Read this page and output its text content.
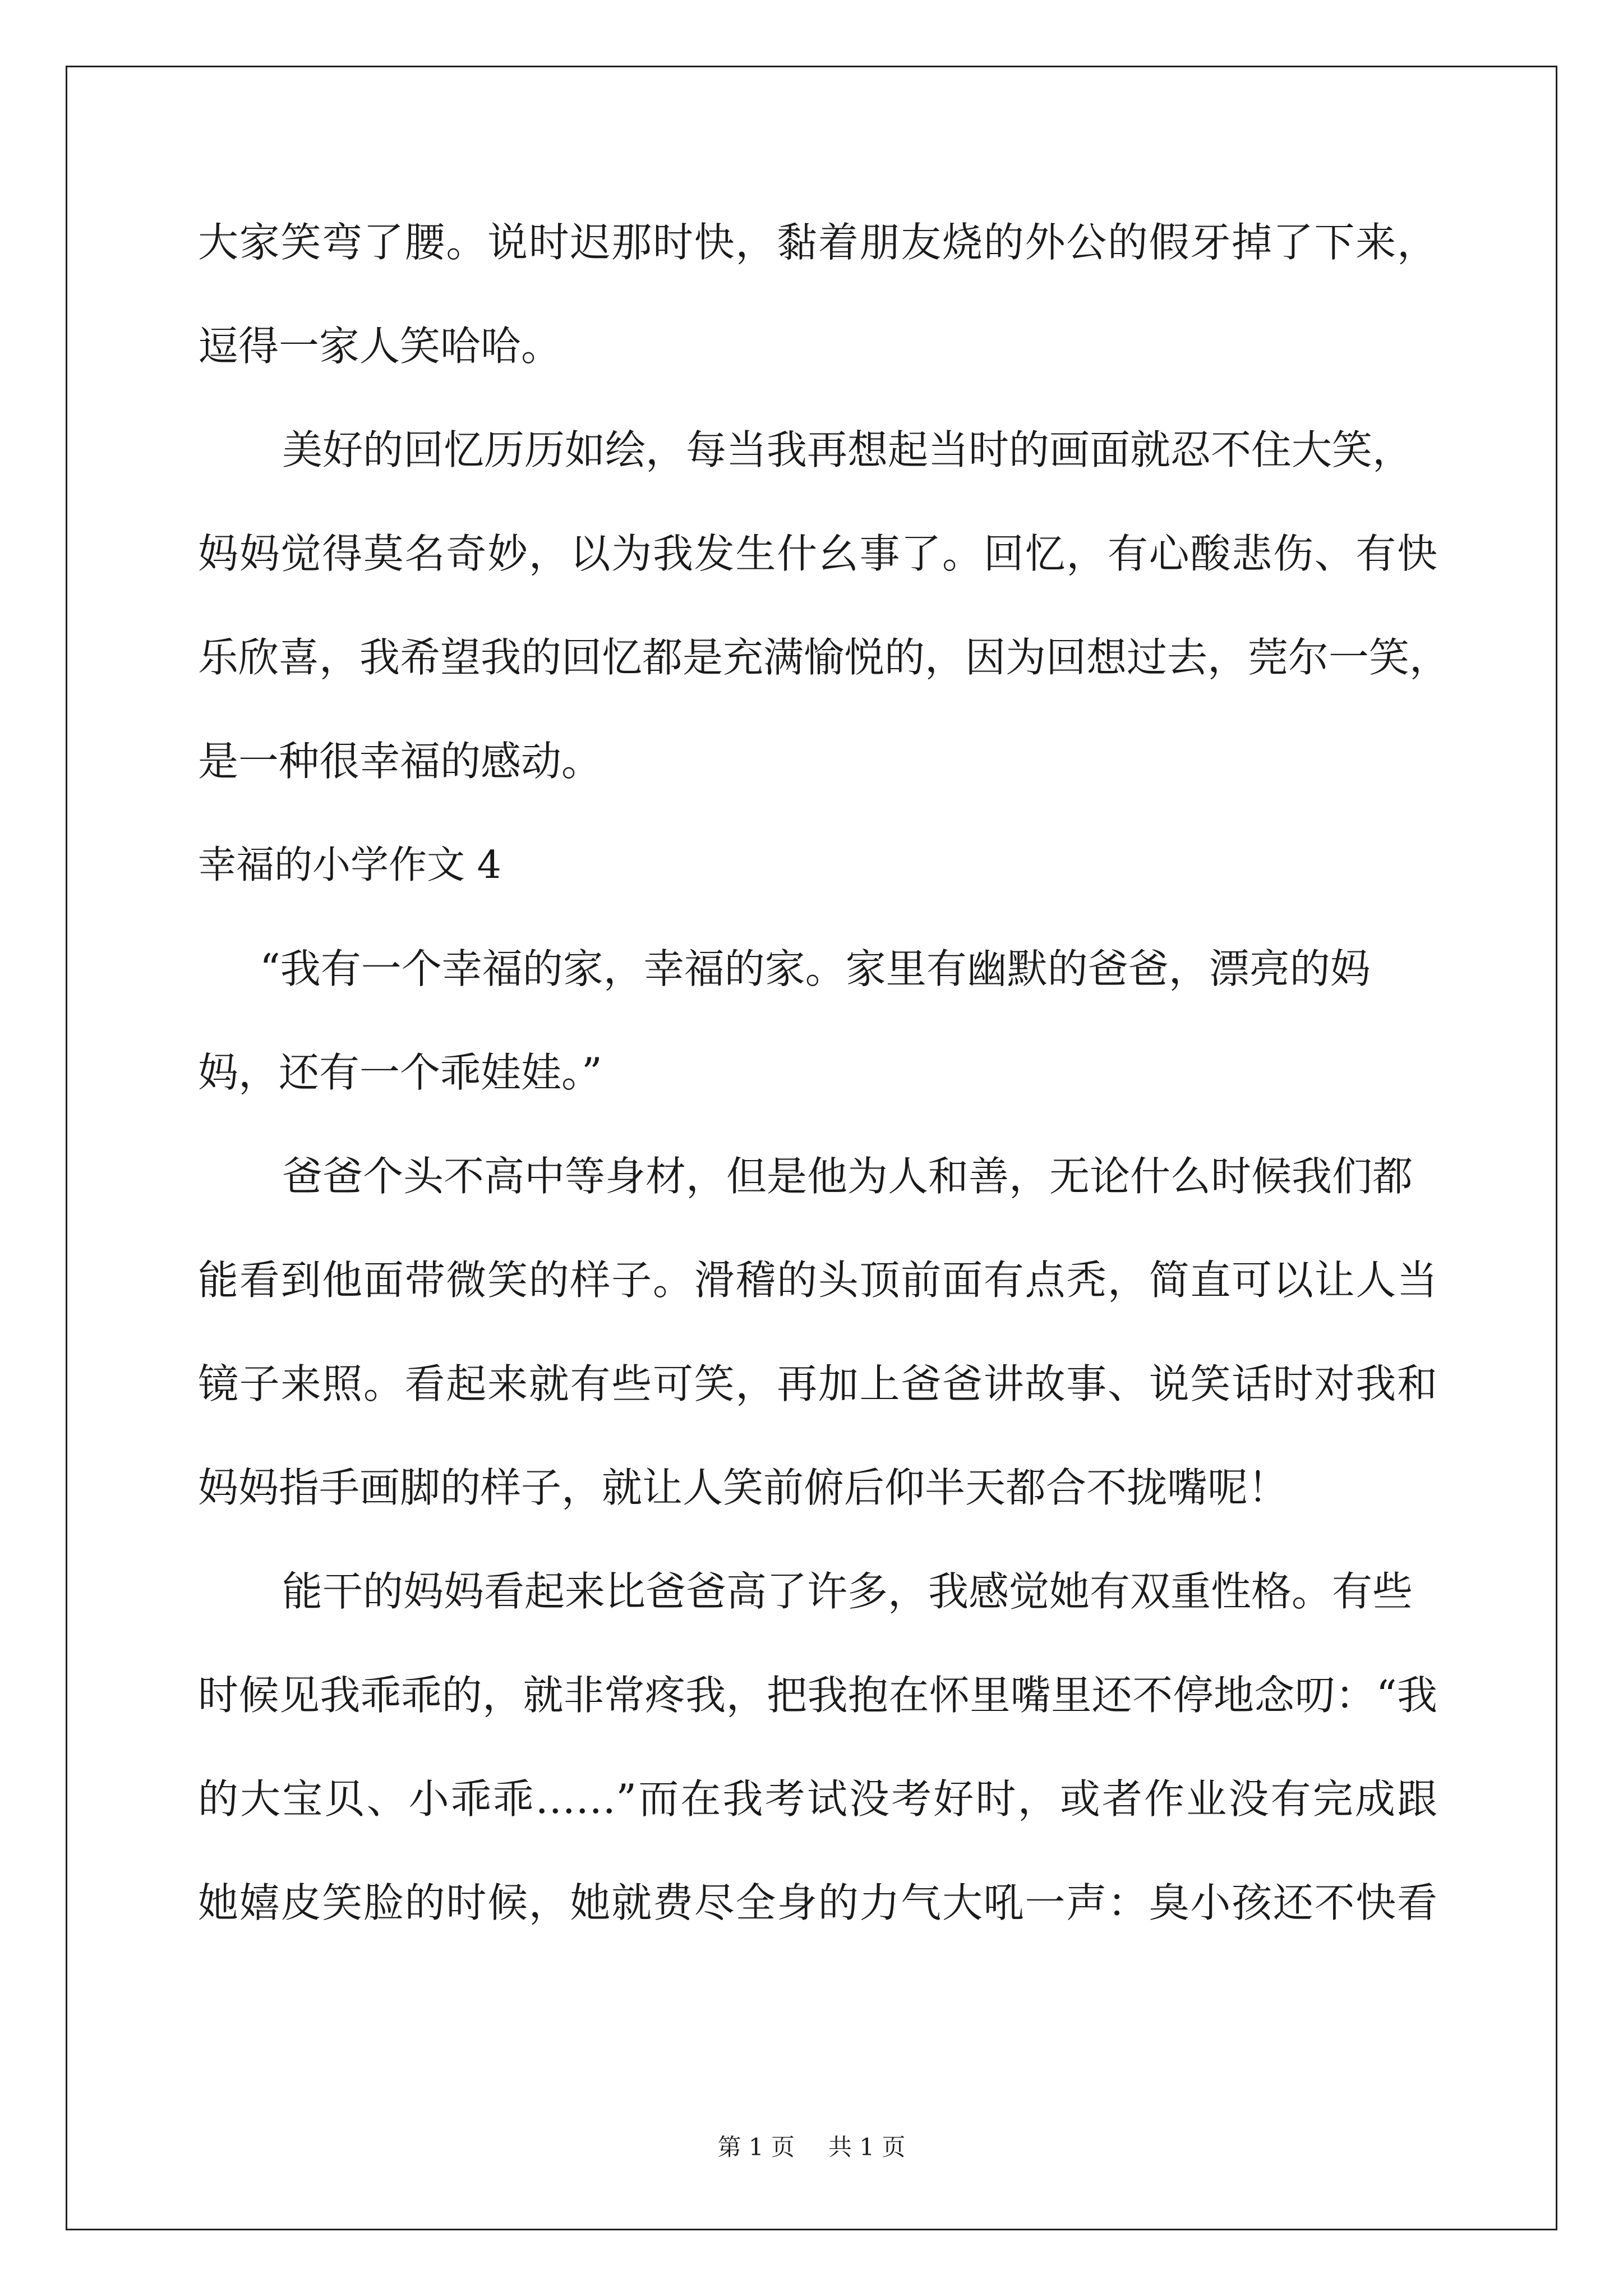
大家笑弯了腰。说时迟那时快，黏着朋友烧的外公的假牙掉了下来，
逗得一家人笑哈哈。
美好的回忆历历如绘，每当我再想起当时的画面就忍不住大笑，
妈妈觉得莫名奇妙，以为我发生什幺事了。回忆，有心酸悲伤、有快
乐欣喜，我希望我的回忆都是充满愉悦的，因为回想过去，莞尔一笑，
是一种很幸福的感动。
幸福的小学作文 4
“我有一个幸福的家，幸福的家。家里有幽默的爸爸，漂亮的妈
妈，还有一个乖娃娃。”
爸爸个头不高中等身材，但是他为人和善，无论什么时候我们都
能看到他面带微笑的样子。滑稽的头顶前面有点秃，简直可以让人当
镜子来照。看起来就有些可笑，再加上爸爸讲故事、说笑话时对我和
妈妈指手画脚的样子，就让人笑前俯后仰半天都合不拢嘴呢！
能干的妈妈看起来比爸爸高了许多，我感觉她有双重性格。有些
时候见我乖乖的，就非常疼我，把我抱在怀里嘴里还不停地念叨：“我
的大宝贝、小乖乖……”而在我考试没考好时，或者作业没有完成跟
她嬉皮笑脸的时候，她就费尽全身的力气大吼一声：臭小孩还不快看
第 1 页 共 1 页
